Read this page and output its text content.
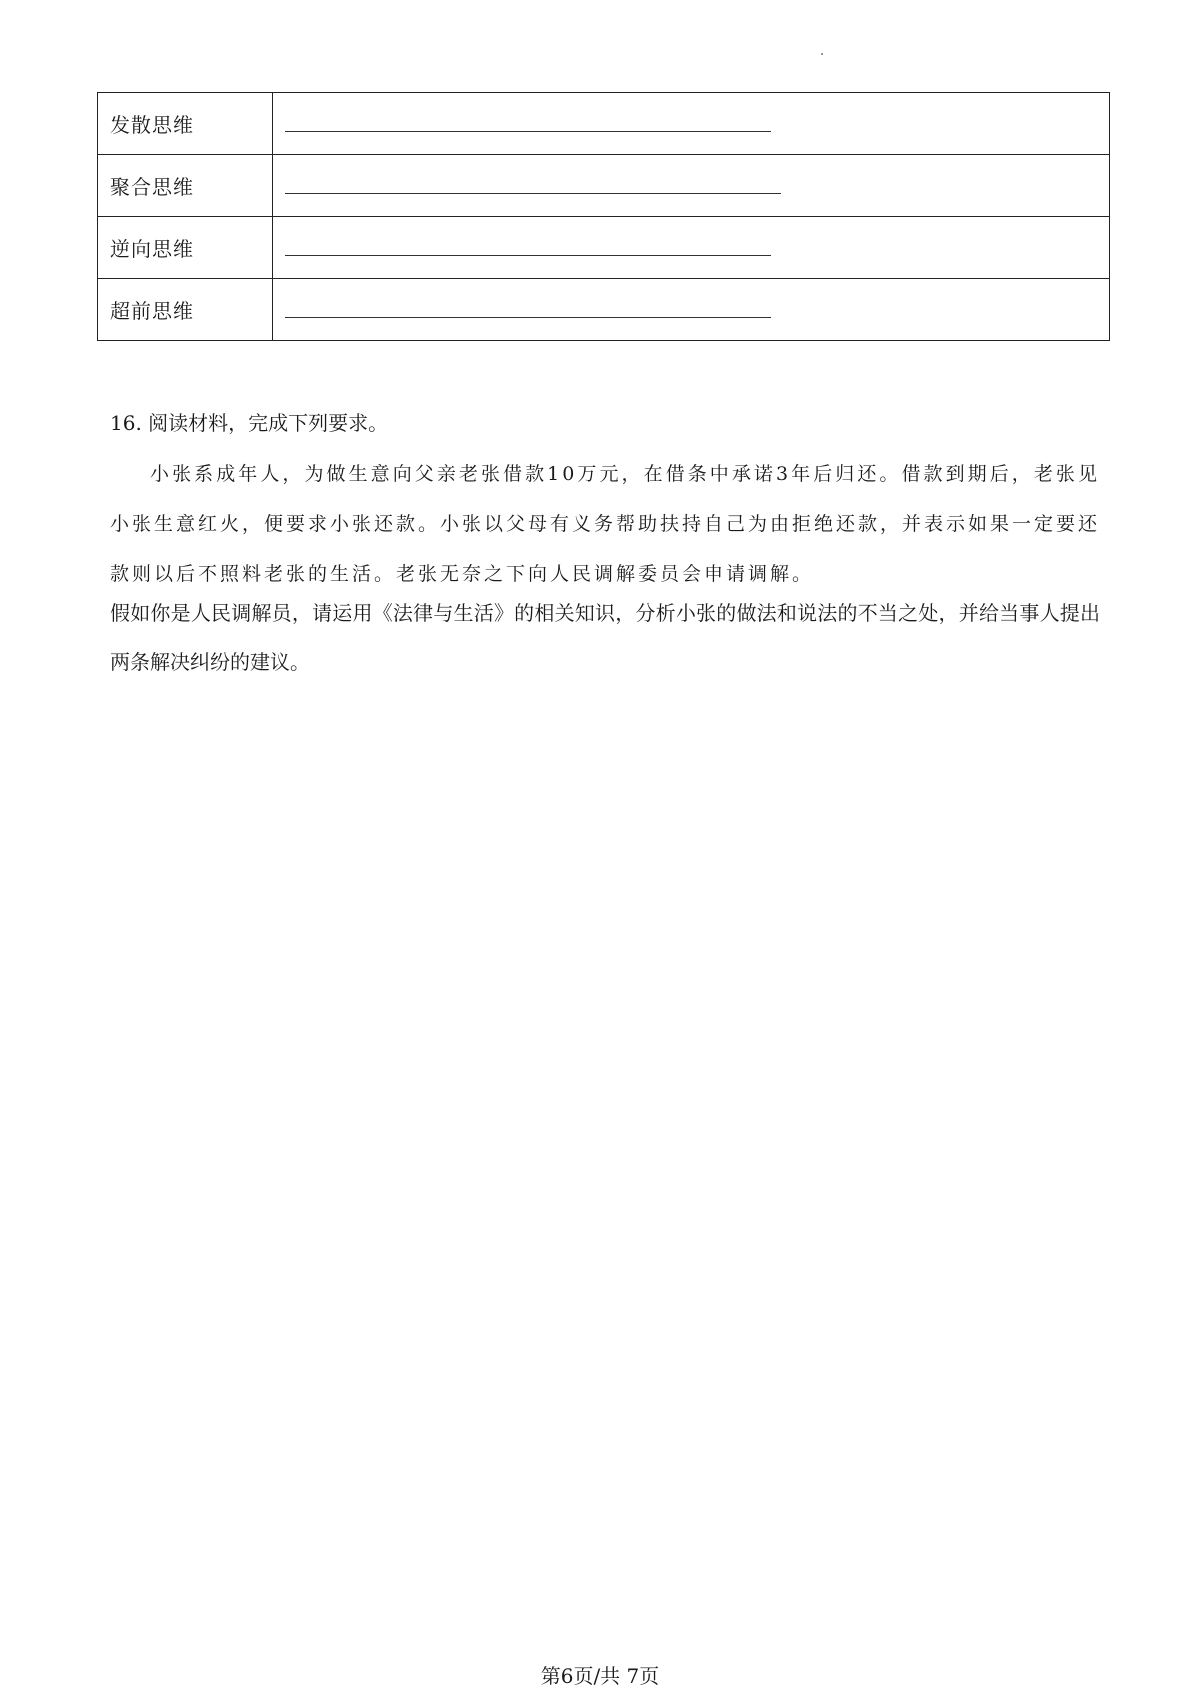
发散思维	

聚合思维	

逆向思维	

超前思维	
16. 阅读材料，完成下列要求。
小张系成年人，为做生意向父亲老张借款10万元，在借条中承诺3年后归还。借款到期后，老张见小张生意红火，便要求小张还款。小张以父母有义务帮助扶持自己为由拒绝还款，并表示如果一定要还款则以后不照料老张的生活。老张无奈之下向人民调解委员会申请调解。
假如你是人民调解员，请运用《法律与生活》的相关知识，分析小张的做法和说法的不当之处，并给当事人提出两条解决纠纷的建议。
第6页/共 7页
